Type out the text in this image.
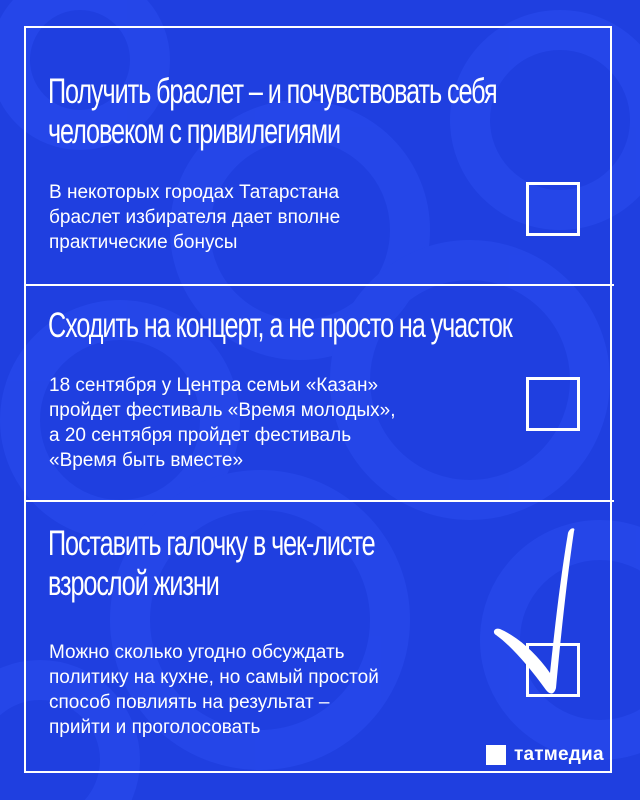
Получить браслет – и почувствовать себя
человеком с привилегиями

В некоторых городах Татарстана
браслет избирателя дает вполне
практические бонусы

Сходить на концерт, а не просто на участок

18 сентября у Центра семьи «Казан»
пройдет фестиваль «Время молодых»,
а 20 сентября пройдет фестиваль
«Время быть вместе»

Поставить галочку в чек-листе
взрослой жизни

Можно сколько угодно обсуждать
политику на кухне, но самый простой
способ повлиять на результат –
прийти и проголосовать

татмедиа
